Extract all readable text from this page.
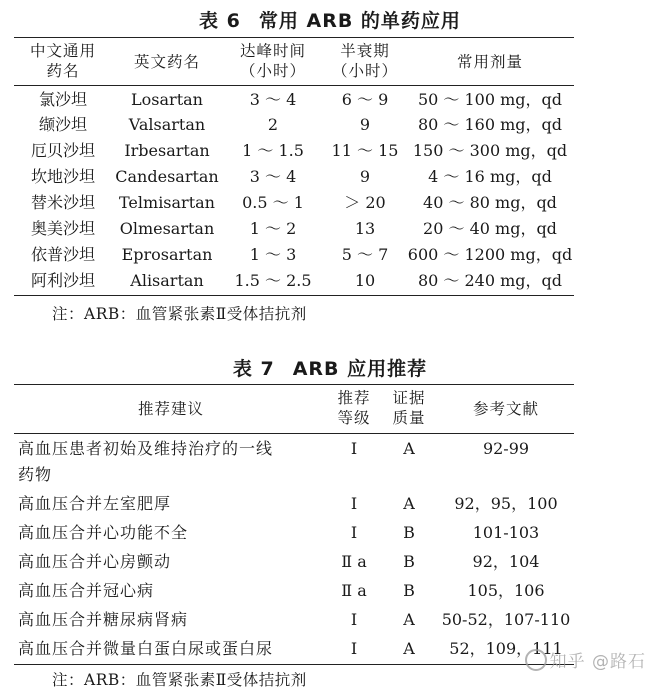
表 6 常用 ARB 的单药应用
中文通用	英文药名	达峰时间	半衰期	常用剂量
药名		（小时）	（小时）	
氯沙坦	Losartan	3 ～ 4	6 ～ 9	50 ～ 100 mg，qd
缬沙坦	Valsartan	2	9	80 ～ 160 mg，qd
厄贝沙坦	Irbesartan	1 ～ 1.5	11 ～ 15	150 ～ 300 mg，qd
坎地沙坦	Candesartan	3 ～ 4	9	4 ～ 16 mg，qd
替米沙坦	Telmisartan	0.5 ～ 1	＞ 20	40 ～ 80 mg，qd
奥美沙坦	Olmesartan	1 ～ 2	13	20 ～ 40 mg，qd
依普沙坦	Eprosartan	1 ～ 3	5 ～ 7	600 ～ 1200 mg，qd
阿利沙坦	Alisartan	1.5 ～ 2.5	10	80 ～ 240 mg，qd
注：ARB：血管紧张素Ⅱ受体拮抗剂
表 7 ARB 应用推荐
推荐建议	推荐	证据	参考文献
	等级	质量	

高血压患者初始及维持治疗的一线
药物	Ⅰ	A	92-99
高血压合并左室肥厚	Ⅰ	A	92，95，100
高血压合并心功能不全	Ⅰ	B	101-103
高血压合并心房颤动	Ⅱ a	B	92，104
高血压合并冠心病	Ⅱ a	B	105，106
高血压合并糖尿病肾病	Ⅰ	A	50-52，107-110
高血压合并微量白蛋白尿或蛋白尿	Ⅰ	A	52，109，111
注：ARB：血管紧张素Ⅱ受体拮抗剂
知乎 @路石
